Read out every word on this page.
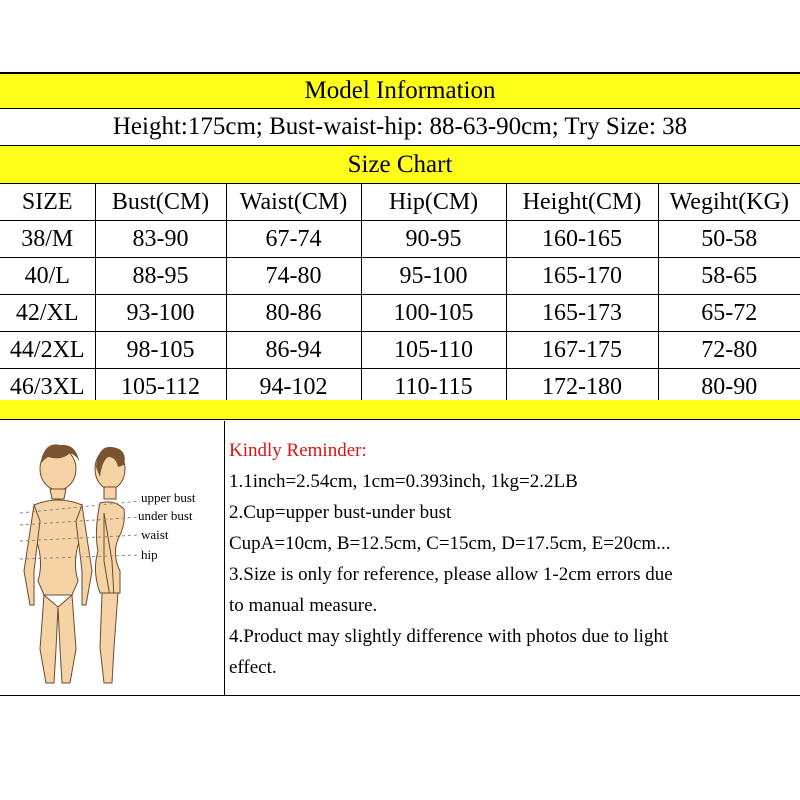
Model Information
Height:175cm; Bust-waist-hip: 88-63-90cm; Try Size: 38
Size Chart
SIZE	Bust(CM)	Waist(CM)	Hip(CM)	Height(CM)	Wegiht(KG)
38/M	83-90	67-74	90-95	160-165	50-58
40/L	88-95	74-80	95-100	165-170	58-65
42/XL	93-100	80-86	100-105	165-173	65-72
44/2XL	98-105	86-94	105-110	167-175	72-80
46/3XL	105-112	94-102	110-115	172-180	80-90
upper bust
under bust
waist
hip
Kindly Reminder:
1.1inch=2.54cm, 1cm=0.393inch, 1kg=2.2LB
2.Cup=upper bust-under bust
CupA=10cm, B=12.5cm, C=15cm, D=17.5cm, E=20cm...
3.Size is only for reference, please allow 1-2cm errors due
to manual measure.
4.Product may slightly difference with photos due to light
effect.
